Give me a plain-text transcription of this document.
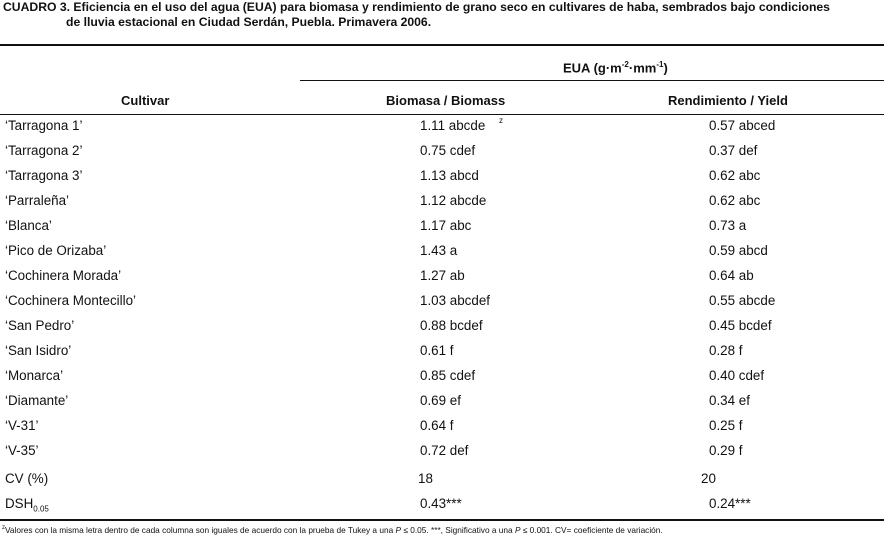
CUADRO 3. Eficiencia en el uso del agua (EUA) para biomasa y rendimiento de grano seco en cultivares de haba, sembrados bajo condiciones
de lluvia estacional en Ciudad Serdán, Puebla. Primavera 2006.
EUA $(g\cdot m^{-2}\cdot mm^{-1})$
Cultivar	Biomasa / Biomass	Rendimiento / Yield
‘Tarragona 1’	1.11 abcde	0.57 abced
z
‘Tarragona 2’	0.75 cdef	0.37 def
‘Tarragona 3’	1.13 abcd	0.62 abc
‘Parraleña’	1.12 abcde	0.62 abc
‘Blanca’	1.17 abc	0.73 a
‘Pico de Orizaba’	1.43 a	0.59 abcd
‘Cochinera Morada’	1.27 ab	0.64 ab
‘Cochinera Montecillo’	1.03 abcdef	0.55 abcde
‘San Pedro’	0.88 bcdef	0.45 bcdef
‘San Isidro’	0.61 f	0.28 f
‘Monarca’	0.85 cdef	0.40 cdef
‘Diamante’	0.69 ef	0.34 ef
‘V-31’	0.64 f	0.25 f
‘V-35’	0.72 def	0.29 f
CV (%)	18	20
$DSH_{0.05}$	0.43***	0.24***
$^z$Valores con la misma letra dentro de cada columna son iguales de acuerdo con la prueba de Tukey a una P ≤ 0.05. ***, Significativo a una P ≤ 0.001. CV= coeficiente de variación.
